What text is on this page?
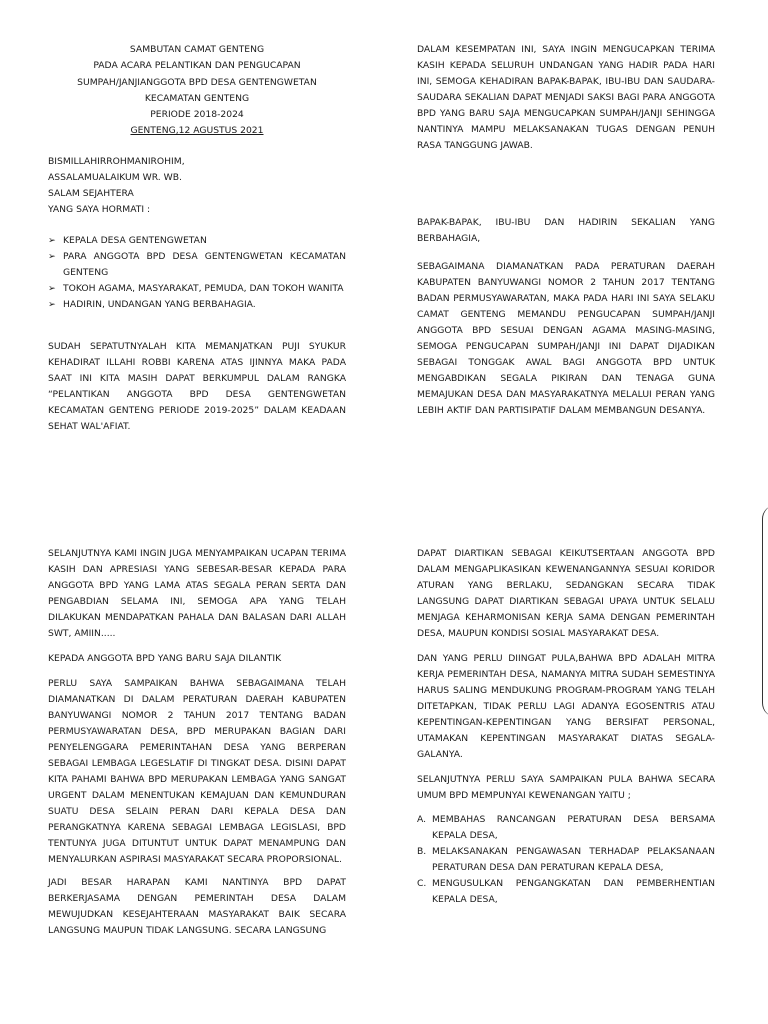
SAMBUTAN CAMAT GENTENG
PADA ACARA PELANTIKAN DAN PENGUCAPAN
SUMPAH/JANJIANGGOTA BPD DESA GENTENGWETAN
KECAMATAN GENTENG
PERIODE 2018-2024
GENTENG,12 AGUSTUS 2021

BISMILLAHIRROHMANIROHIM,

ASSALAMUALAIKUM WR. WB.

SALAM SEJAHTERA

YANG SAYA HORMATI :

➢ KEPALA DESA GENTENGWETAN
➢ PARA ANGGOTA BPD DESA GENTENGWETAN KECAMATAN GENTENG
➢ TOKOH AGAMA, MASYARAKAT, PEMUDA, DAN TOKOH WANITA
➢ HADIRIN, UNDANGAN YANG BERBAHAGIA.

SUDAH SEPATUTNYALAH KITA MEMANJATKAN PUJI SYUKUR KEHADIRAT ILLAHI ROBBI KARENA ATAS IJINNYA MAKA PADA SAAT INI KITA MASIH DAPAT BERKUMPUL DALAM RANGKA “PELANTIKAN ANGGOTA BPD DESA GENTENGWETAN KECAMATAN GENTENG PERIODE 2019-2025” DALAM KEADAAN SEHAT WAL'AFIAT.

DALAM KESEMPATAN INI, SAYA INGIN MENGUCAPKAN TERIMA KASIH KEPADA SELURUH UNDANGAN YANG HADIR PADA HARI INI, SEMOGA KEHADIRAN BAPAK-BAPAK, IBU-IBU DAN SAUDARA-SAUDARA SEKALIAN DAPAT MENJADI SAKSI BAGI PARA ANGGOTA BPD YANG BARU SAJA MENGUCAPKAN SUMPAH/JANJI SEHINGGA NANTINYA MAMPU MELAKSANAKAN TUGAS DENGAN PENUH RASA TANGGUNG JAWAB.

BAPAK-BAPAK, IBU-IBU DAN HADIRIN SEKALIAN YANG BERBAHAGIA,

SEBAGAIMANA DIAMANATKAN PADA PERATURAN DAERAH KABUPATEN BANYUWANGI NOMOR 2 TAHUN 2017 TENTANG BADAN PERMUSYAWARATAN, MAKA PADA HARI INI SAYA SELAKU CAMAT GENTENG MEMANDU PENGUCAPAN SUMPAH/JANJI ANGGOTA BPD SESUAI DENGAN AGAMA MASING-MASING, SEMOGA PENGUCAPAN SUMPAH/JANJI INI DAPAT DIJADIKAN SEBAGAI TONGGAK AWAL BAGI ANGGOTA BPD UNTUK MENGABDIKAN SEGALA PIKIRAN DAN TENAGA GUNA MEMAJUKAN DESA DAN MASYARAKATNYA MELALUI PERAN YANG LEBIH AKTIF DAN PARTISIPATIF DALAM MEMBANGUN DESANYA.

SELANJUTNYA KAMI INGIN JUGA MENYAMPAIKAN UCAPAN TERIMA KASIH DAN APRESIASI YANG SEBESAR-BESAR KEPADA PARA ANGGOTA BPD YANG LAMA ATAS SEGALA PERAN SERTA DAN PENGABDIAN SELAMA INI, SEMOGA APA YANG TELAH DILAKUKAN MENDAPATKAN PAHALA DAN BALASAN DARI ALLAH SWT, AMIIN.....

KEPADA ANGGOTA BPD YANG BARU SAJA DILANTIK

PERLU SAYA SAMPAIKAN BAHWA SEBAGAIMANA TELAH DIAMANATKAN DI DALAM PERATURAN DAERAH KABUPATEN BANYUWANGI NOMOR 2 TAHUN 2017 TENTANG BADAN PERMUSYAWARATAN DESA, BPD MERUPAKAN BAGIAN DARI PENYELENGGARA PEMERINTAHAN DESA YANG BERPERAN SEBAGAI LEMBAGA LEGESLATIF DI TINGKAT DESA. DISINI DAPAT KITA PAHAMI BAHWA BPD MERUPAKAN LEMBAGA YANG SANGAT URGENT DALAM MENENTUKAN KEMAJUAN DAN KEMUNDURAN SUATU DESA SELAIN PERAN DARI KEPALA DESA DAN PERANGKATNYA KARENA SEBAGAI LEMBAGA LEGISLASI, BPD TENTUNYA JUGA DITUNTUT UNTUK DAPAT MENAMPUNG DAN MENYALURKAN ASPIRASI MASYARAKAT SECARA PROPORSIONAL.

JADI BESAR HARAPAN KAMI NANTINYA BPD DAPAT BERKERJASAMA DENGAN PEMERINTAH DESA DALAM MEWUJUDKAN KESEJAHTERAAN MASYARAKAT BAIK SECARA LANGSUNG MAUPUN TIDAK LANGSUNG. SECARA LANGSUNG

DAPAT DIARTIKAN SEBAGAI KEIKUTSERTAAN ANGGOTA BPD DALAM MENGAPLIKASIKAN KEWENANGANNYA SESUAI KORIDOR ATURAN YANG BERLAKU, SEDANGKAN SECARA TIDAK LANGSUNG DAPAT DIARTIKAN SEBAGAI UPAYA UNTUK SELALU MENJAGA KEHARMONISAN KERJA SAMA DENGAN PEMERINTAH DESA, MAUPUN KONDISI SOSIAL MASYARAKAT DESA.

DAN YANG PERLU DIINGAT PULA,BAHWA BPD ADALAH MITRA KERJA PEMERINTAH DESA, NAMANYA MITRA SUDAH SEMESTINYA HARUS SALING MENDUKUNG PROGRAM-PROGRAM YANG TELAH DITETAPKAN, TIDAK PERLU LAGI ADANYA EGOSENTRIS ATAU KEPENTINGAN-KEPENTINGAN YANG BERSIFAT PERSONAL, UTAMAKAN KEPENTINGAN MASYARAKAT DIATAS SEGALA-GALANYA.

SELANJUTNYA PERLU SAYA SAMPAIKAN PULA BAHWA SECARA UMUM BPD MEMPUNYAI KEWENANGAN YAITU ;

A. MEMBAHAS RANCANGAN PERATURAN DESA BERSAMA KEPALA DESA,
B. MELAKSANAKAN PENGAWASAN TERHADAP PELAKSANAAN PERATURAN DESA DAN PERATURAN KEPALA DESA,
C. MENGUSULKAN PENGANGKATAN DAN PEMBERHENTIAN KEPALA DESA,
